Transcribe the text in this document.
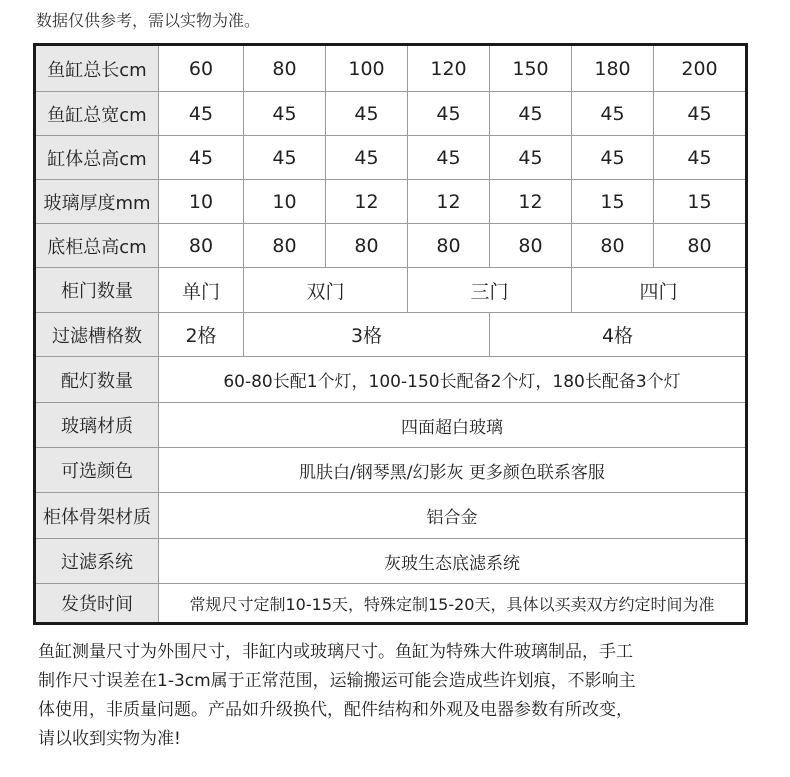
数据仅供参考，需以实物为准。
鱼缸总长cm	60	80	100	120	150	180	200
鱼缸总宽cm	45	45	45	45	45	45	45
缸体总高cm	45	45	45	45	45	45	45
玻璃厚度mm	10	10	12	12	12	15	15
底柜总高cm	80	80	80	80	80	80	80
柜门数量	单门	双门	三门	四门
过滤槽格数	2格	3格	4格
配灯数量	60-80长配1个灯，100-150长配备2个灯，180长配备3个灯
玻璃材质	四面超白玻璃
可选颜色	肌肤白/钢琴黑/幻影灰 更多颜色联系客服
柜体骨架材质	铝合金
过滤系统	灰玻生态底滤系统
发货时间	常规尺寸定制10-15天，特殊定制15-20天，具体以买卖双方约定时间为准
鱼缸测量尺寸为外围尺寸，非缸内或玻璃尺寸。鱼缸为特殊大件玻璃制品，手工
制作尺寸误差在1-3cm属于正常范围，运输搬运可能会造成些许划痕，不影响主
体使用，非质量问题。产品如升级换代，配件结构和外观及电器参数有所改变，
请以收到实物为准!
